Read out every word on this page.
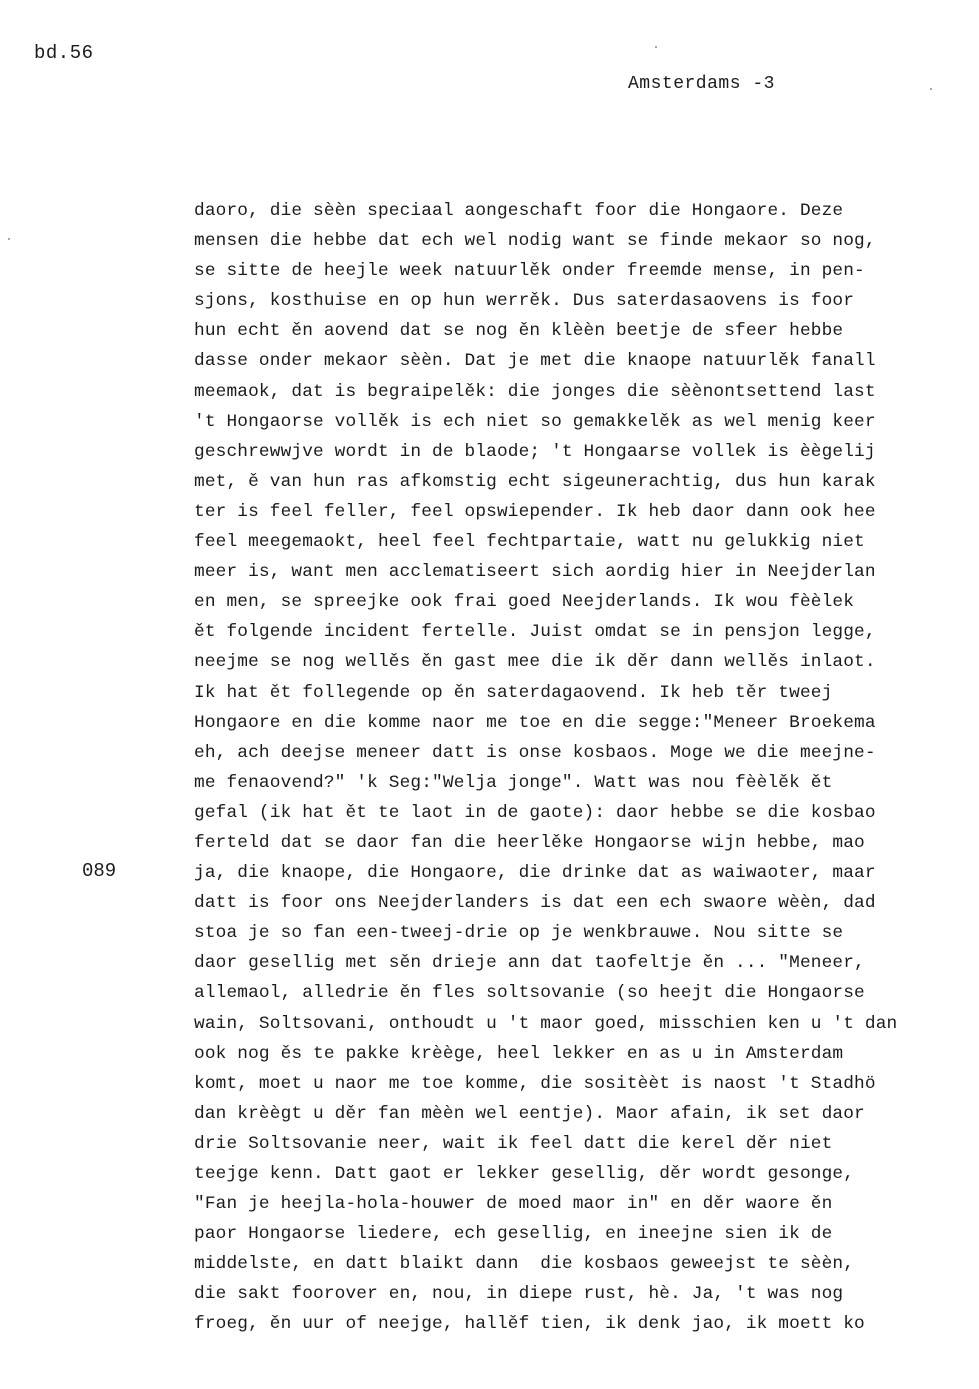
bd.56
Amsterdams -3
089
daoro, die sèèn speciaal aongeschaft foor die Hongaore. Deze
mensen die hebbe dat ech wel nodig want se finde mekaor so nog,
se sitte de heejle week natuurlěk onder freemde mense, in pen-
sjons, kosthuise en op hun werrěk. Dus saterdasaovens is foor
hun echt ěn aovend dat se nog ěn klèèn beetje de sfeer hebbe
dasse onder mekaor sèèn. Dat je met die knaope natuurlěk fanall
meemaok, dat is begraipelěk: die jonges die sèènontsettend last
't Hongaorse vollěk is ech niet so gemakkelěk as wel menig keer
geschrewwjve wordt in de blaode; 't Hongaarse vollek is èègelij
met, ě van hun ras afkomstig echt sigeunerachtig, dus hun karak
ter is feel feller, feel opswiepender. Ik heb daor dann ook hee
feel meegemaokt, heel feel fechtpartaie, watt nu gelukkig niet
meer is, want men acclematiseert sich aordig hier in Neejderlan
en men, se spreejke ook frai goed Neejderlands. Ik wou fèèlek
ět folgende incident fertelle. Juist omdat se in pensjon legge,
neejme se nog wellěs ěn gast mee die ik děr dann wellěs inlaot.
Ik hat ět follegende op ěn saterdagaovend. Ik heb těr tweej
Hongaore en die komme naor me toe en die segge:"Meneer Broekema
eh, ach deejse meneer datt is onse kosbaos. Moge we die meejne-
me fenaovend?" 'k Seg:"Welja jonge". Watt was nou fèèlěk ět
gefal (ik hat ět te laot in de gaote): daor hebbe se die kosbao
ferteld dat se daor fan die heerlěke Hongaorse wijn hebbe, mao
ja, die knaope, die Hongaore, die drinke dat as waiwaoter, maar
datt is foor ons Neejderlanders is dat een ech swaore wèèn, dad
stoa je so fan een-tweej-drie op je wenkbrauwe. Nou sitte se
daor gesellig met sěn drieje ann dat taofeltje ěn ... "Meneer,
allemaol, alledrie ěn fles soltsovanie (so heejt die Hongaorse
wain, Soltsovani, onthoudt u 't maor goed, misschien ken u 't dan
ook nog ěs te pakke krèège, heel lekker en as u in Amsterdam
komt, moet u naor me toe komme, die sositèèt is naost 't Stadhö
dan krèègt u děr fan mèèn wel eentje). Maor afain, ik set daor
drie Soltsovanie neer, wait ik feel datt die kerel děr niet
teejge kenn. Datt gaot er lekker gesellig, děr wordt gesonge,
"Fan je heejla-hola-houwer de moed maor in" en děr waore ěn
paor Hongaorse liedere, ech gesellig, en ineejne sien ik de
middelste, en datt blaikt dann  die kosbaos geweejst te sèèn,
die sakt foorover en, nou, in diepe rust, hè. Ja, 't was nog
froeg, ěn uur of neejge, hallěf tien, ik denk jao, ik moett ko
